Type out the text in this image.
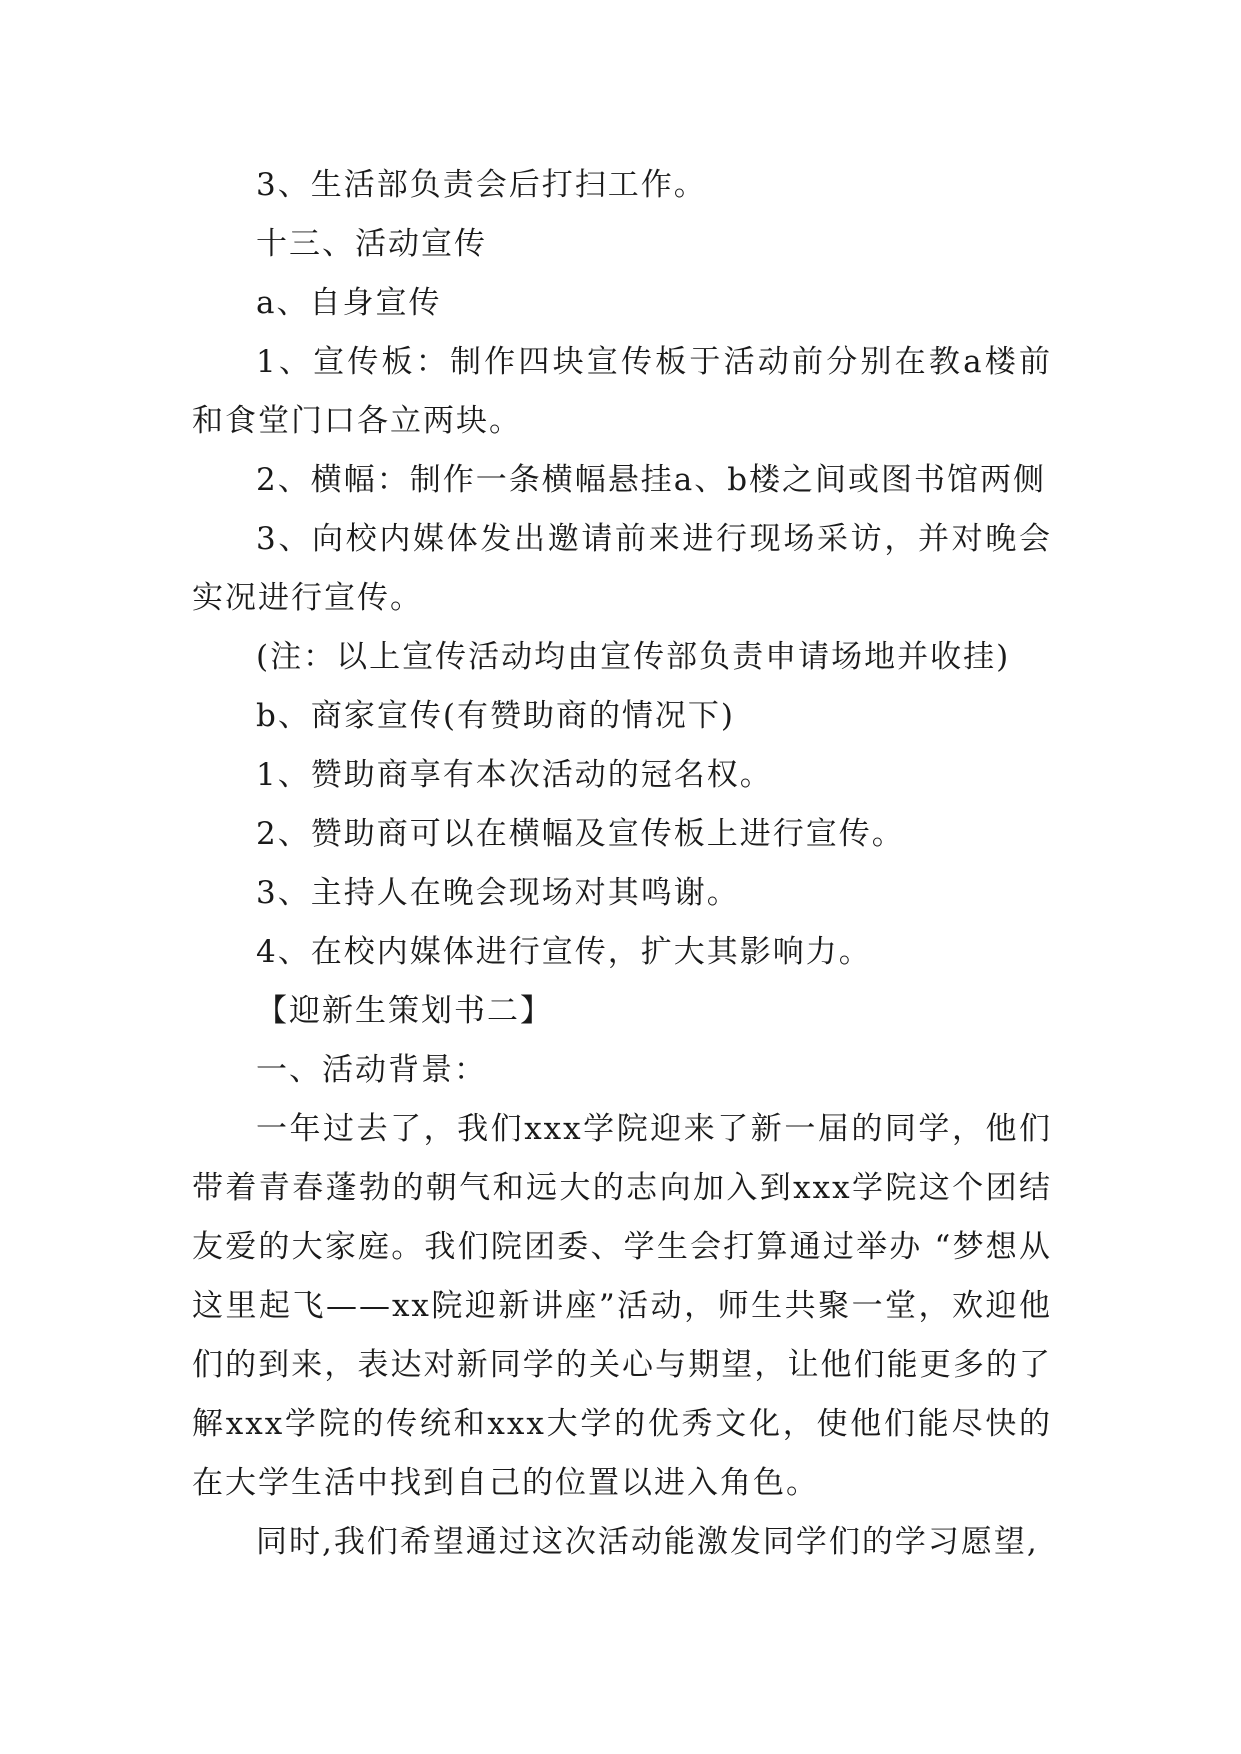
3、生活部负责会后打扫工作。

十三、活动宣传

a、自身宣传

1、宣传板：制作四块宣传板于活动前分别在教a楼前和食堂门口各立两块。

2、横幅：制作一条横幅悬挂a、b楼之间或图书馆两侧

3、向校内媒体发出邀请前来进行现场采访，并对晚会实况进行宣传。

(注：以上宣传活动均由宣传部负责申请场地并收挂)

b、商家宣传(有赞助商的情况下)

1、赞助商享有本次活动的冠名权。

2、赞助商可以在横幅及宣传板上进行宣传。

3、主持人在晚会现场对其鸣谢。

4、在校内媒体进行宣传，扩大其影响力。

【迎新生策划书二】

一、活动背景：

一年过去了，我们xxx学院迎来了新一届的同学，他们带着青春蓬勃的朝气和远大的志向加入到xxx学院这个团结友爱的大家庭。我们院团委、学生会打算通过举办 “梦想从这里起飞——xx院迎新讲座”活动，师生共聚一堂，欢迎他们的到来，表达对新同学的关心与期望，让他们能更多的了解xxx学院的传统和xxx大学的优秀文化，使他们能尽快的在大学生活中找到自己的位置以进入角色。

同时,我们希望通过这次活动能激发同学们的学习愿望,
